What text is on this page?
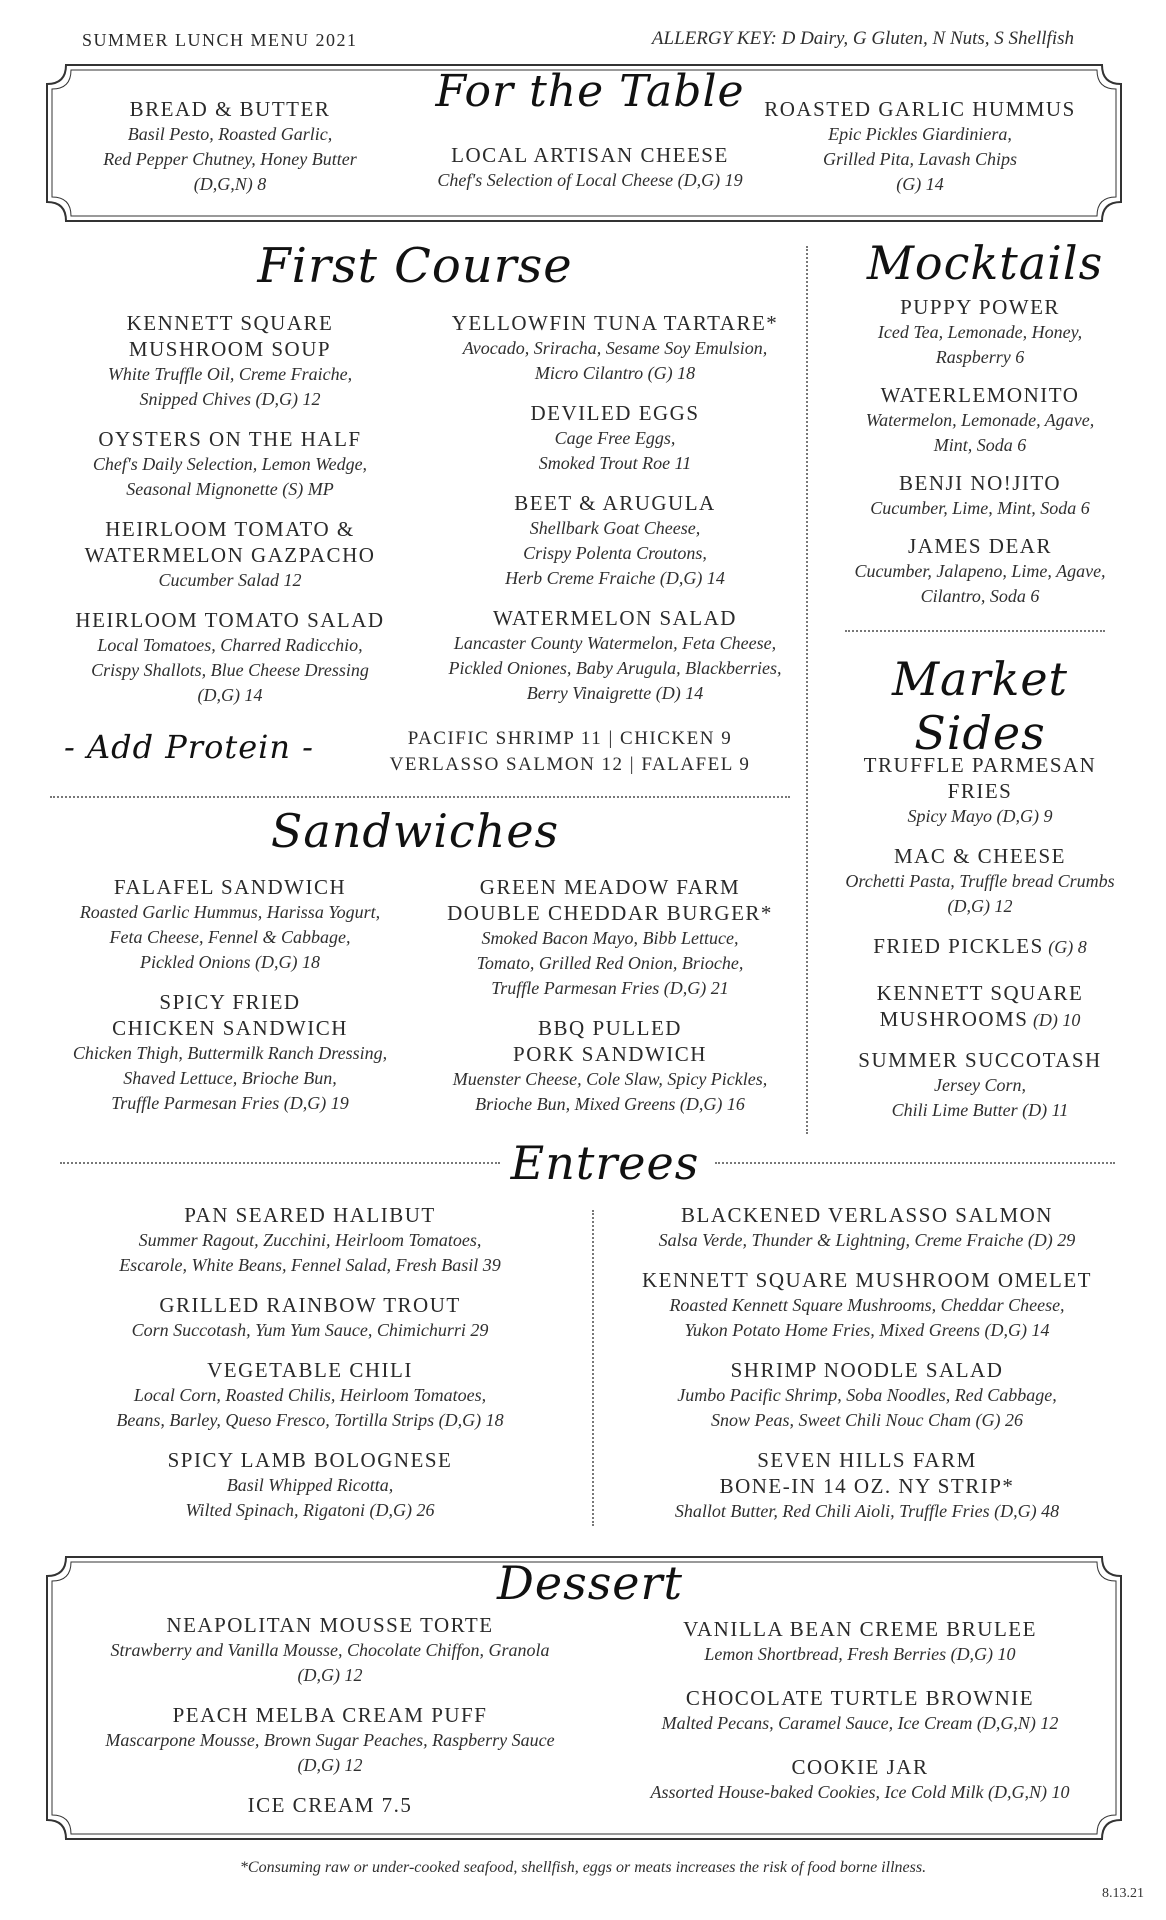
SUMMER LUNCH MENU 2021	ALLERGY KEY: D Dairy, G Gluten, N Nuts, S Shellfish
For the Table
BREAD & BUTTER
Basil Pesto, Roasted Garlic,
Red Pepper Chutney, Honey Butter
(D,G,N) 8
LOCAL ARTISAN CHEESE
Chef's Selection of Local Cheese (D,G) 19
ROASTED GARLIC HUMMUS
Epic Pickles Giardiniera,
Grilled Pita, Lavash Chips
(G) 14
First Course
KENNETT SQUARE
MUSHROOM SOUP
White Truffle Oil, Creme Fraiche,
Snipped Chives (D,G) 12
OYSTERS ON THE HALF
Chef's Daily Selection, Lemon Wedge,
Seasonal Mignonette (S) MP
HEIRLOOM TOMATO &
WATERMELON GAZPACHO
Cucumber Salad 12
HEIRLOOM TOMATO SALAD
Local Tomatoes, Charred Radicchio,
Crispy Shallots, Blue Cheese Dressing
(D,G) 14
YELLOWFIN TUNA TARTARE*
Avocado, Sriracha, Sesame Soy Emulsion,
Micro Cilantro (G) 18
DEVILED EGGS
Cage Free Eggs,
Smoked Trout Roe 11
BEET & ARUGULA
Shellbark Goat Cheese,
Crispy Polenta Croutons,
Herb Creme Fraiche (D,G) 14
WATERMELON SALAD
Lancaster County Watermelon, Feta Cheese,
Pickled Oniones, Baby Arugula, Blackberries,
Berry Vinaigrette (D) 14
- Add Protein -	PACIFIC SHRIMP 11 | CHICKEN 9
VERLASSO SALMON 12 | FALAFEL 9
Mocktails
PUPPY POWER
Iced Tea, Lemonade, Honey,
Raspberry 6
WATERLEMONITO
Watermelon, Lemonade, Agave,
Mint, Soda 6
BENJI NO!JITO
Cucumber, Lime, Mint, Soda 6
JAMES DEAR
Cucumber, Jalapeno, Lime, Agave,
Cilantro, Soda 6
Market Sides
TRUFFLE PARMESAN
FRIES
Spicy Mayo (D,G) 9
MAC & CHEESE
Orchetti Pasta, Truffle bread Crumbs
(D,G) 12
FRIED PICKLES (G) 8
KENNETT SQUARE
MUSHROOMS (D) 10
SUMMER SUCCOTASH
Jersey Corn,
Chili Lime Butter (D) 11
Sandwiches
FALAFEL SANDWICH
Roasted Garlic Hummus, Harissa Yogurt,
Feta Cheese, Fennel & Cabbage,
Pickled Onions (D,G) 18
SPICY FRIED
CHICKEN SANDWICH
Chicken Thigh, Buttermilk Ranch Dressing,
Shaved Lettuce, Brioche Bun,
Truffle Parmesan Fries (D,G) 19
GREEN MEADOW FARM
DOUBLE CHEDDAR BURGER*
Smoked Bacon Mayo, Bibb Lettuce,
Tomato, Grilled Red Onion, Brioche,
Truffle Parmesan Fries (D,G) 21
BBQ PULLED
PORK SANDWICH
Muenster Cheese, Cole Slaw, Spicy Pickles,
Brioche Bun, Mixed Greens (D,G) 16
Entrees
PAN SEARED HALIBUT
Summer Ragout, Zucchini, Heirloom Tomatoes,
Escarole, White Beans, Fennel Salad, Fresh Basil 39
GRILLED RAINBOW TROUT
Corn Succotash, Yum Yum Sauce, Chimichurri 29
VEGETABLE CHILI
Local Corn, Roasted Chilis, Heirloom Tomatoes,
Beans, Barley, Queso Fresco, Tortilla Strips (D,G) 18
SPICY LAMB BOLOGNESE
Basil Whipped Ricotta,
Wilted Spinach, Rigatoni (D,G) 26
BLACKENED VERLASSO SALMON
Salsa Verde, Thunder & Lightning, Creme Fraiche (D) 29
KENNETT SQUARE MUSHROOM OMELET
Roasted Kennett Square Mushrooms, Cheddar Cheese,
Yukon Potato Home Fries, Mixed Greens (D,G) 14
SHRIMP NOODLE SALAD
Jumbo Pacific Shrimp, Soba Noodles, Red Cabbage,
Snow Peas, Sweet Chili Nouc Cham (G) 26
SEVEN HILLS FARM
BONE-IN 14 OZ. NY STRIP*
Shallot Butter, Red Chili Aioli, Truffle Fries (D,G) 48
Dessert
NEAPOLITAN MOUSSE TORTE
Strawberry and Vanilla Mousse, Chocolate Chiffon, Granola
(D,G) 12
PEACH MELBA CREAM PUFF
Mascarpone Mousse, Brown Sugar Peaches, Raspberry Sauce
(D,G) 12
ICE CREAM 7.5
VANILLA BEAN CREME BRULEE
Lemon Shortbread, Fresh Berries (D,G) 10
CHOCOLATE TURTLE BROWNIE
Malted Pecans, Caramel Sauce, Ice Cream (D,G,N) 12
COOKIE JAR
Assorted House-baked Cookies, Ice Cold Milk (D,G,N) 10
*Consuming raw or under-cooked seafood, shellfish, eggs or meats increases the risk of food borne illness.
8.13.21
